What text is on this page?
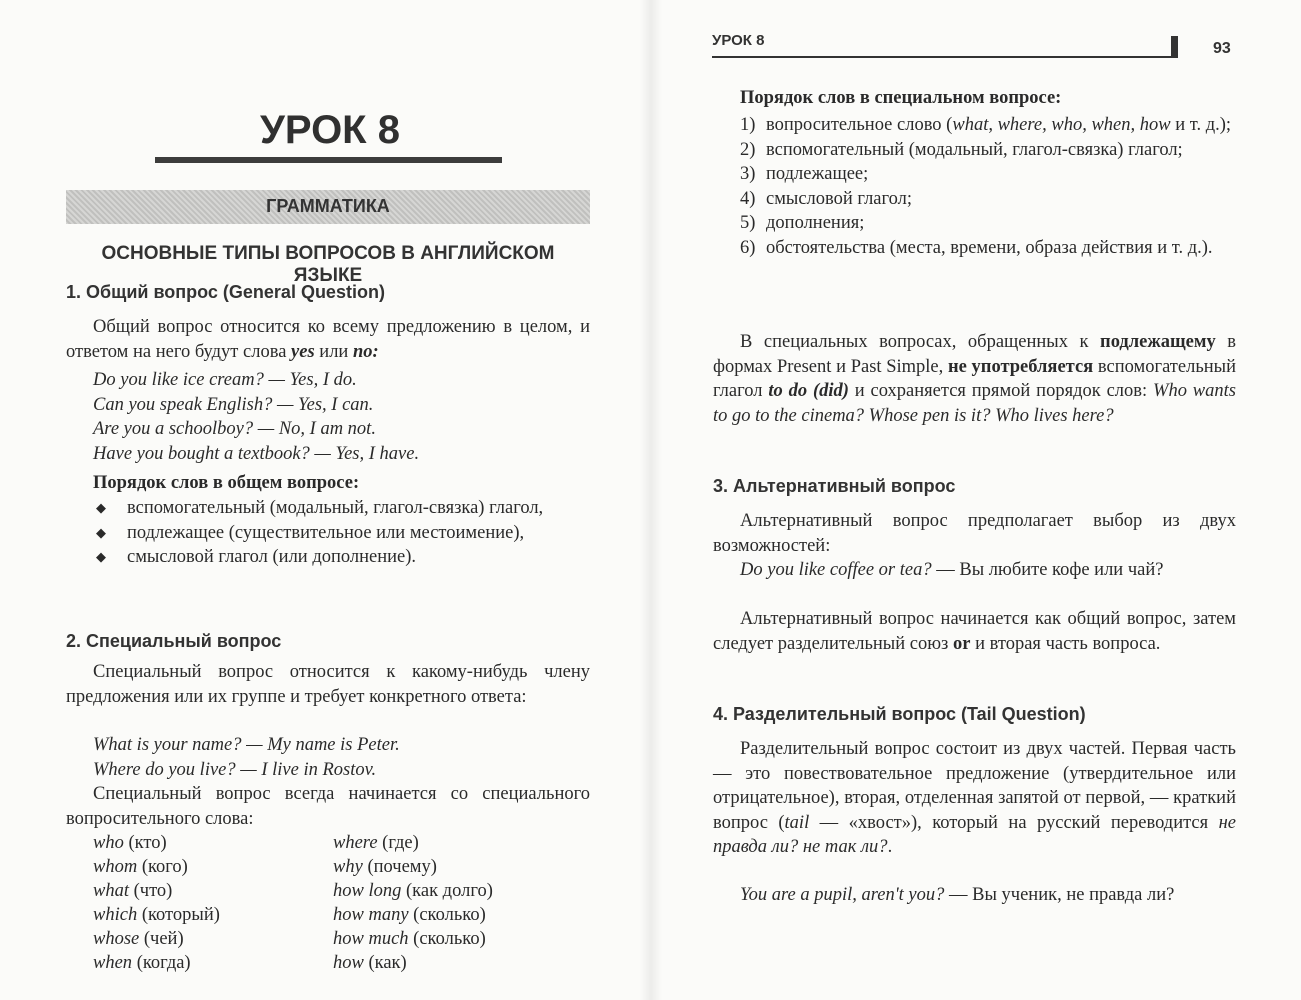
УРОК 8
ГРАММАТИКА
ОСНОВНЫЕ ТИПЫ ВОПРОСОВ В АНГЛИЙСКОМ ЯЗЫКЕ
1. Общий вопрос (General Question)
Общий вопрос относится ко всему предложению в целом, и ответом на него будут слова yes или no:
Do you like ice cream? — Yes, I do.
Can you speak English? — Yes, I can.
Are you a schoolboy? — No, I am not.
Have you bought a textbook? — Yes, I have.
Порядок слов в общем вопросе:
◆	вспомогательный (модальный, глагол-связка) глагол,
◆	подлежащее (существительное или местоимение),
◆	смысловой глагол (или дополнение).
2. Специальный вопрос
Специальный вопрос относится к какому-нибудь члену предложения или их группе и требует конкретного ответа:
What is your name? — My name is Peter.
Where do you live? — I live in Rostov.
Специальный вопрос всегда начинается со специального вопросительного слова:
who (кто)	where (где)
whom (кого)	why (почему)
what (что)	how long (как долго)
which (который)	how many (сколько)
whose (чей)	how much (сколько)
when (когда)	how (как)
УРОК 8	93
Порядок слов в специальном вопросе:
1) вопросительное слово (what, where, who, when, how и т. д.);
2) вспомогательный (модальный, глагол-связка) глагол;
3) подлежащее;
4) смысловой глагол;
5) дополнения;
6) обстоятельства (места, времени, образа действия и т. д.).
В специальных вопросах, обращенных к подлежащему в формах Present и Past Simple, не употребляется вспомогательный глагол to do (did) и сохраняется прямой порядок слов: Who wants to go to the cinema? Whose pen is it? Who lives here?
3. Альтернативный вопрос
Альтернативный вопрос предполагает выбор из двух возможностей:
Do you like coffee or tea? — Вы любите кофе или чай?
Альтернативный вопрос начинается как общий вопрос, затем следует разделительный союз or и вторая часть вопроса.
4. Разделительный вопрос (Tail Question)
Разделительный вопрос состоит из двух частей. Первая часть — это повествовательное предложение (утвердительное или отрицательное), вторая, отделенная запятой от первой, — краткий вопрос (tail — «хвост»), который на русский переводится не правда ли? не так ли?.
You are a pupil, aren't you? — Вы ученик, не правда ли?
